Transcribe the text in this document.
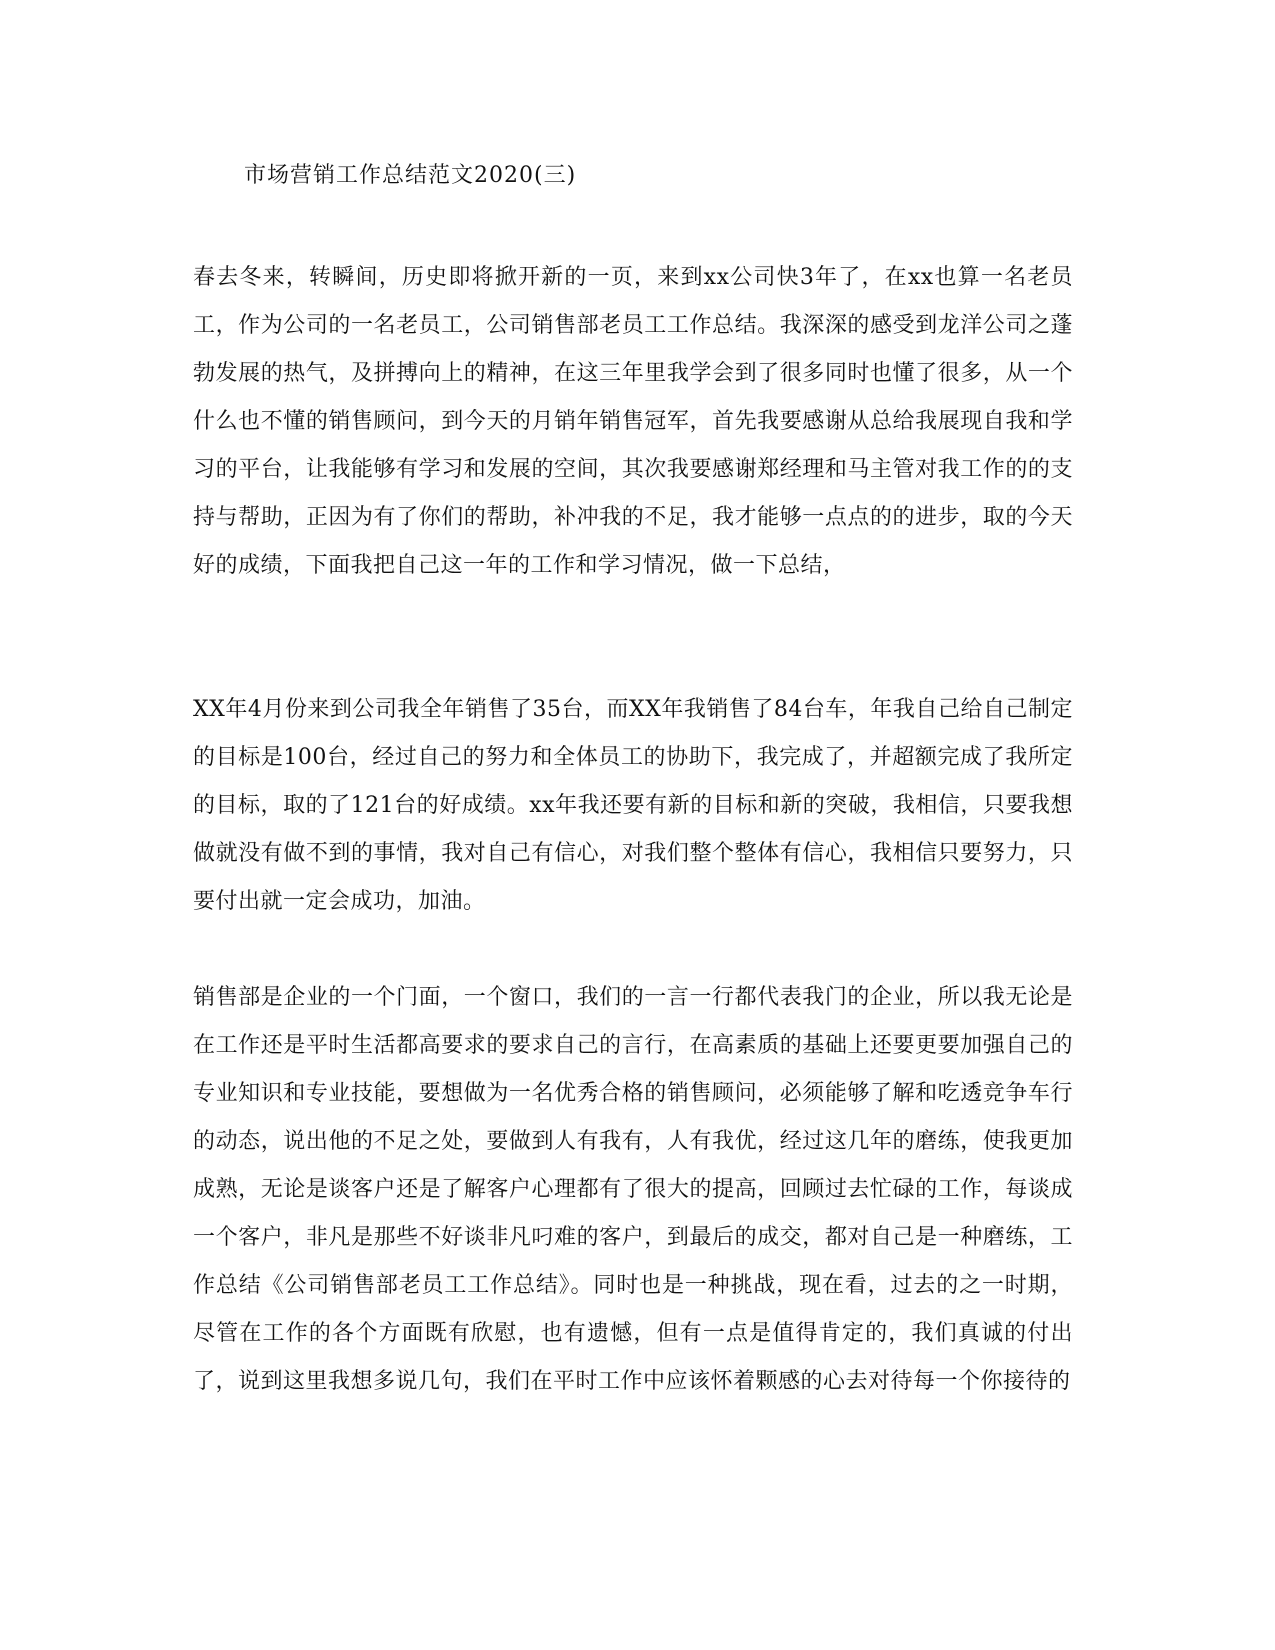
市场营销工作总结范文2020(三)
春去冬来，转瞬间，历史即将掀开新的一页，来到xx公司快3年了，在xx也算一名老员工，作为公司的一名老员工，公司销售部老员工工作总结。我深深的感受到龙洋公司之蓬勃发展的热气，及拼搏向上的精神，在这三年里我学会到了很多同时也懂了很多，从一个什么也不懂的销售顾问，到今天的月销年销售冠军，首先我要感谢从总给我展现自我和学习的平台，让我能够有学习和发展的空间，其次我要感谢郑经理和马主管对我工作的的支持与帮助，正因为有了你们的帮助，补冲我的不足，我才能够一点点的的进步，取的今天好的成绩，下面我把自己这一年的工作和学习情况，做一下总结，
XX年4月份来到公司我全年销售了35台，而XX年我销售了84台车，年我自己给自己制定的目标是100台，经过自己的努力和全体员工的协助下，我完成了，并超额完成了我所定的目标，取的了121台的好成绩。xx年我还要有新的目标和新的突破，我相信，只要我想做就没有做不到的事情，我对自己有信心，对我们整个整体有信心，我相信只要努力，只要付出就一定会成功，加油。
销售部是企业的一个门面，一个窗口，我们的一言一行都代表我门的企业，所以我无论是在工作还是平时生活都高要求的要求自己的言行，在高素质的基础上还要更要加强自己的专业知识和专业技能，要想做为一名优秀合格的销售顾问，必须能够了解和吃透竞争车行的动态，说出他的不足之处，要做到人有我有，人有我优，经过这几年的磨练，使我更加成熟，无论是谈客户还是了解客户心理都有了很大的提高，回顾过去忙碌的工作，每谈成一个客户，非凡是那些不好谈非凡叼难的客户，到最后的成交，都对自己是一种磨练，工作总结《公司销售部老员工工作总结》。同时也是一种挑战，现在看，过去的之一时期，尽管在工作的各个方面既有欣慰，也有遗憾，但有一点是值得肯定的，我们真诚的付出了，说到这里我想多说几句，我们在平时工作中应该怀着颗感的心去对待每一个你接待的
